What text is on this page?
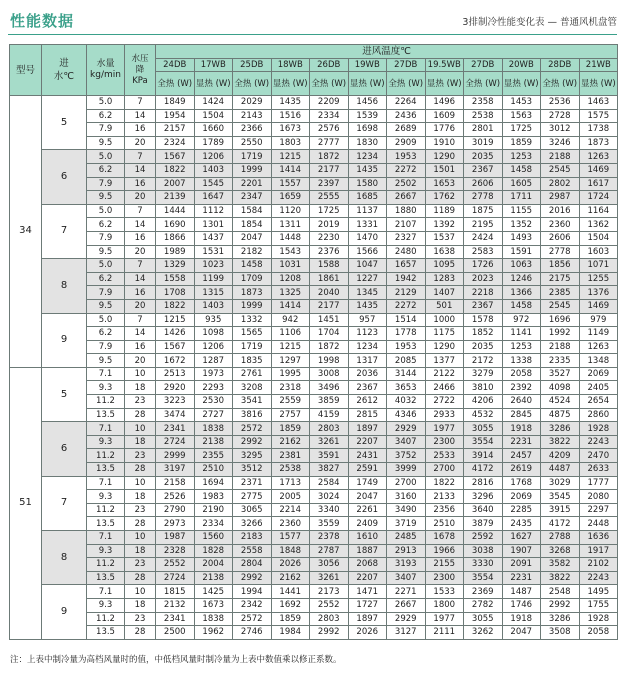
性能数据	3排制冷性能变化表 — 普通风机盘管
型号	进水℃	水量 kg/min	水压降 KPa	进风温度℃											
				24DB	17WB	25DB	18WB	26DB	19WB	27DB	19.5WB	27DB	20WB	28DB	21WB
				全热 (W)	显热 (W)	全热 (W)	显热 (W)	全热 (W)	显热 (W)	全热 (W)	显热 (W)	全热 (W)	显热 (W)	全热 (W)	显热 (W)
34	5	5.0	7	1849	1424	2029	1435	2209	1456	2264	1496	2358	1453	2536	1463
		6.2	14	1954	1504	2143	1516	2334	1539	2436	1609	2538	1563	2728	1575
		7.9	16	2157	1660	2366	1673	2576	1698	2689	1776	2801	1725	3012	1738
		9.5	20	2324	1789	2550	1803	2777	1830	2909	1910	3019	1859	3246	1873
	6	5.0	7	1567	1206	1719	1215	1872	1234	1953	1290	2035	1253	2188	1263
		6.2	14	1822	1403	1999	1414	2177	1435	2272	1501	2367	1458	2545	1469
		7.9	16	2007	1545	2201	1557	2397	1580	2502	1653	2606	1605	2802	1617
		9.5	20	2139	1647	2347	1659	2555	1685	2667	1762	2778	1711	2987	1724
	7	5.0	7	1444	1112	1584	1120	1725	1137	1880	1189	1875	1155	2016	1164
		6.2	14	1690	1301	1854	1311	2019	1331	2107	1392	2195	1352	2360	1362
		7.9	16	1866	1437	2047	1448	2230	1470	2327	1537	2424	1493	2606	1504
		9.5	20	1989	1531	2182	1543	2376	1566	2480	1638	2583	1591	2778	1603
	8	5.0	7	1329	1023	1458	1031	1588	1047	1657	1095	1726	1063	1856	1071
		6.2	14	1558	1199	1709	1208	1861	1227	1942	1283	2023	1246	2175	1255
		7.9	16	1708	1315	1873	1325	2040	1345	2129	1407	2218	1366	2385	1376
		9.5	20	1822	1403	1999	1414	2177	1435	2272	501	2367	1458	2545	1469
	9	5.0	7	1215	935	1332	942	1451	957	1514	1000	1578	972	1696	979
		6.2	14	1426	1098	1565	1106	1704	1123	1778	1175	1852	1141	1992	1149
		7.9	16	1567	1206	1719	1215	1872	1234	1953	1290	2035	1253	2188	1263
		9.5	20	1672	1287	1835	1297	1998	1317	2085	1377	2172	1338	2335	1348
51	5	7.1	10	2513	1973	2761	1995	3008	2036	3144	2122	3279	2058	3527	2069
		9.3	18	2920	2293	3208	2318	3496	2367	3653	2466	3810	2392	4098	2405
		11.2	23	3223	2530	3541	2559	3859	2612	4032	2722	4206	2640	4524	2654
		13.5	28	3474	2727	3816	2757	4159	2815	4346	2933	4532	2845	4875	2860
	6	7.1	10	2341	1838	2572	1859	2803	1897	2929	1977	3055	1918	3286	1928
		9.3	18	2724	2138	2992	2162	3261	2207	3407	2300	3554	2231	3822	2243
		11.2	23	2999	2355	3295	2381	3591	2431	3752	2533	3914	2457	4209	2470
		13.5	28	3197	2510	3512	2538	3827	2591	3999	2700	4172	2619	4487	2633
	7	7.1	10	2158	1694	2371	1713	2584	1749	2700	1822	2816	1768	3029	1777
		9.3	18	2526	1983	2775	2005	3024	2047	3160	2133	3296	2069	3545	2080
		11.2	23	2790	2190	3065	2214	3340	2261	3490	2356	3640	2285	3915	2297
		13.5	28	2973	2334	3266	2360	3559	2409	3719	2510	3879	2435	4172	2448
	8	7.1	10	1987	1560	2183	1577	2378	1610	2485	1678	2592	1627	2788	1636
		9.3	18	2328	1828	2558	1848	2787	1887	2913	1966	3038	1907	3268	1917
		11.2	23	2552	2004	2804	2026	3056	2068	3193	2155	3330	2091	3582	2102
		13.5	28	2724	2138	2992	2162	3261	2207	3407	2300	3554	2231	3822	2243
	9	7.1	10	1815	1425	1994	1441	2173	1471	2271	1533	2369	1487	2548	1495
		9.3	18	2132	1673	2342	1692	2552	1727	2667	1800	2782	1746	2992	1755
		11.2	23	2341	1838	2572	1859	2803	1897	2929	1977	3055	1918	3286	1928
		13.5	28	2500	1962	2746	1984	2992	2026	3127	2111	3262	2047	3508	2058
注：上表中制冷量为高档风量时的值，中低档风量时制冷量为上表中数值乘以修正系数。
